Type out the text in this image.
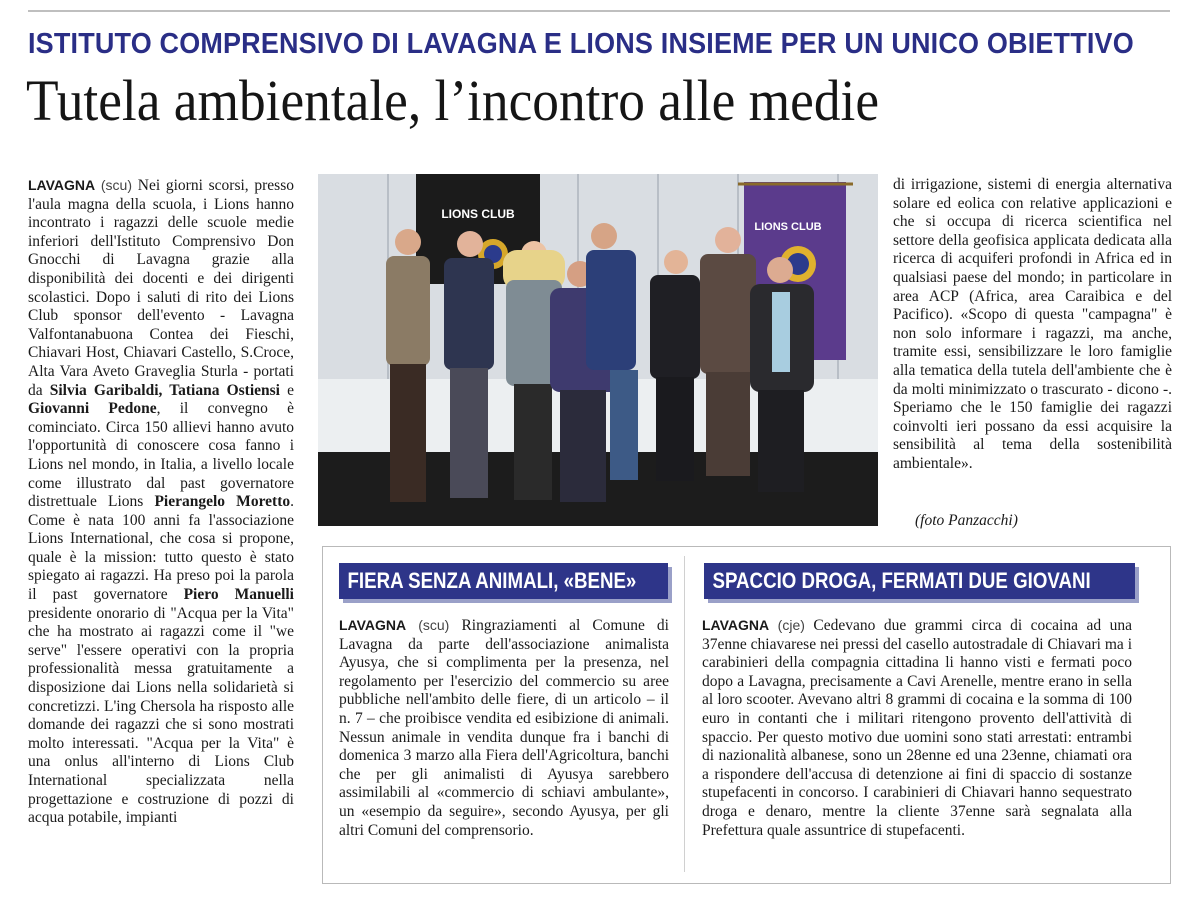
ISTITUTO COMPRENSIVO DI LAVAGNA E LIONS INSIEME PER UN UNICO OBIETTIVO
Tutela ambientale, l’incontro alle medie
LAVAGNA (scu) Nei giorni scorsi, presso l'aula magna della scuola, i Lions hanno incontrato i ragazzi delle scuole medie inferiori dell'Istituto Comprensivo Don Gnocchi di Lavagna grazie alla disponibilità dei docenti e dei dirigenti scolastici. Dopo i saluti di rito dei Lions Club sponsor dell'evento - Lavagna Valfontanabuona Contea dei Fieschi, Chiavari Host, Chiavari Castello, S.Croce, Alta Vara Aveto Graveglia Sturla - portati da Silvia Garibaldi, Tatiana Ostiensi e Giovanni Pedone, il convegno è cominciato. Circa 150 allievi hanno avuto l'opportunità di conoscere cosa fanno i Lions nel mondo, in Italia, a livello locale come illustrato dal past governatore distrettuale Lions Pierangelo Moretto. Come è nata 100 anni fa l'associazione Lions International, che cosa si propone, quale è la mission: tutto questo è stato spiegato ai ragazzi. Ha preso poi la parola il past governatore Piero Manuelli presidente onorario di "Acqua per la Vita" che ha mostrato ai ragazzi come il "we serve" l'essere operativi con la propria professionalità messa gratuitamente a disposizione dai Lions nella solidarietà si concretizzi. L'ing Chersola ha risposto alle domande dei ragazzi che si sono mostrati molto interessati. "Acqua per la Vita" è una onlus all'interno di Lions Club International specializzata nella progettazione e costruzione di pozzi di acqua potabile, impianti
LIONS CLUB
LIONS CLUB
di irrigazione, sistemi di energia alternativa solare ed eolica con relative applicazioni e che si occupa di ricerca scientifica nel settore della geofisica applicata dedicata alla ricerca di acquiferi profondi in Africa ed in qualsiasi paese del mondo; in particolare in area ACP (Africa, area Caraibica e del Pacifico). «Scopo di questa "campagna" è non solo informare i ragazzi, ma anche, tramite essi, sensibilizzare le loro famiglie alla tematica della tutela dell'ambiente che è da molti minimizzato o trascurato - dicono -. Speriamo che le 150 famiglie dei ragazzi coinvolti ieri possano da essi acquisire la sensibilità al tema della sostenibilità ambientale».
(foto Panzacchi)
FIERA SENZA ANIMALI, «BENE»
LAVAGNA (scu) Ringraziamenti al Comune di Lavagna da parte dell'associazione animalista Ayusya, che si complimenta per la presenza, nel regolamento per l'esercizio del commercio su aree pubbliche nell'ambito delle fiere, di un articolo – il n. 7 – che proibisce vendita ed esibizione di animali. Nessun animale in vendita dunque fra i banchi di domenica 3 marzo alla Fiera dell'Agricoltura, banchi che per gli animalisti di Ayusya sarebbero assimilabili al «commercio di schiavi ambulante», un «esempio da seguire», secondo Ayusya, per gli altri Comuni del comprensorio.
SPACCIO DROGA, FERMATI DUE GIOVANI
LAVAGNA (cje) Cedevano due grammi circa di cocaina ad una 37enne chiavarese nei pressi del casello autostradale di Chiavari ma i carabinieri della compagnia cittadina li hanno visti e fermati poco dopo a Lavagna, precisamente a Cavi Arenelle, mentre erano in sella al loro scooter. Avevano altri 8 grammi di cocaina e la somma di 100 euro in contanti che i militari ritengono provento dell'attività di spaccio. Per questo motivo due uomini sono stati arrestati: entrambi di nazionalità albanese, sono un 28enne ed una 23enne, chiamati ora a rispondere dell'accusa di detenzione ai fini di spaccio di sostanze stupefacenti in concorso. I carabinieri di Chiavari hanno sequestrato droga e denaro, mentre la cliente 37enne sarà segnalata alla Prefettura quale assuntrice di stupefacenti.
